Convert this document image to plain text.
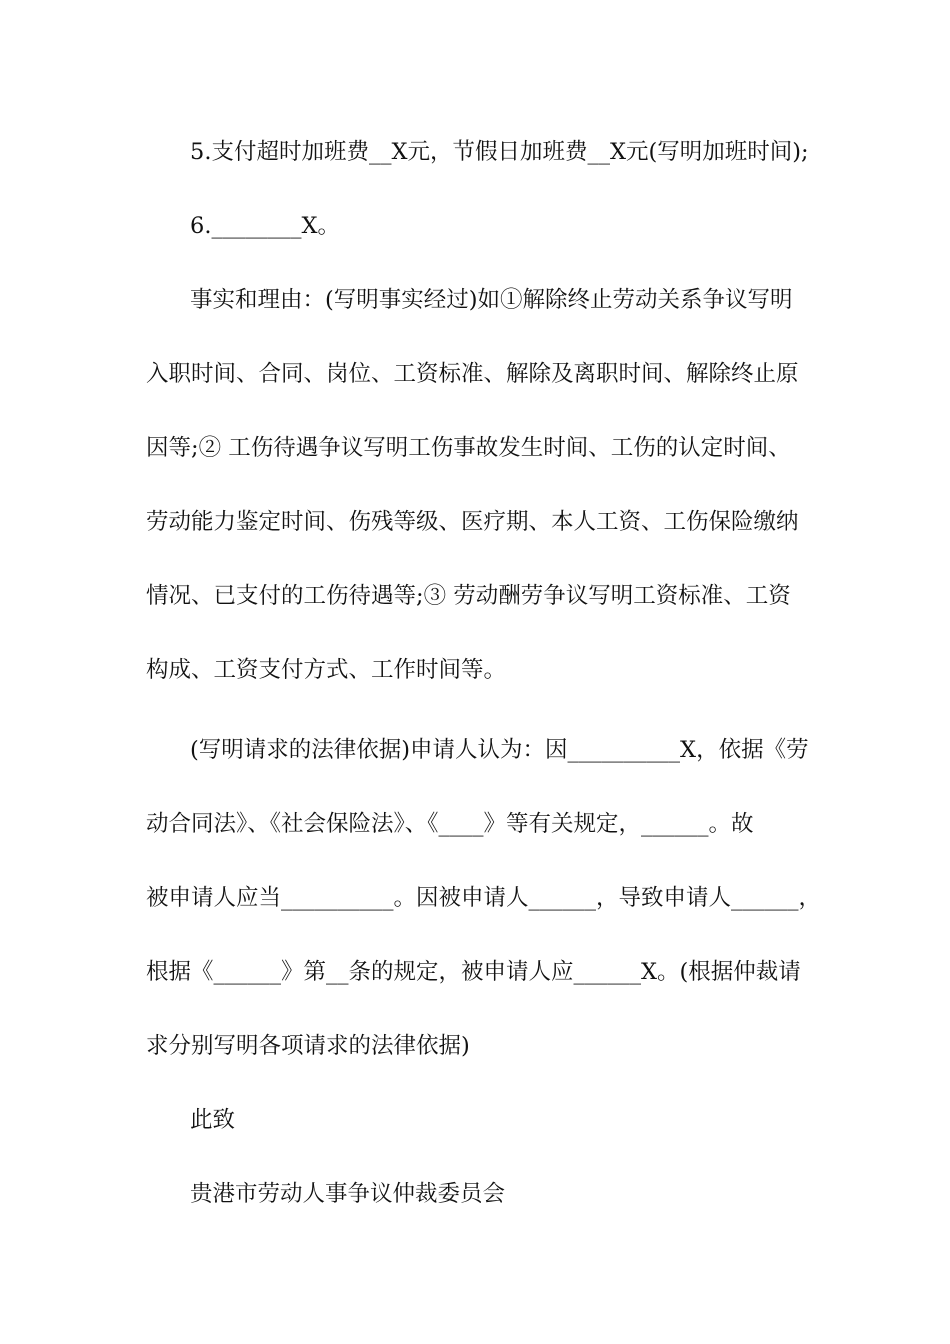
5.支付超时加班费__X元，节假日加班费__X元(写明加班时间);
6.________X。
事实和理由：(写明事实经过)如①解除终止劳动关系争议写明
入职时间、合同、岗位、工资标准、解除及离职时间、解除终止原
因等;② 工伤待遇争议写明工伤事故发生时间、工伤的认定时间、
劳动能力鉴定时间、伤残等级、医疗期、本人工资、工伤保险缴纳
情况、已支付的工伤待遇等;③ 劳动酬劳争议写明工资标准、工资
构成、工资支付方式、工作时间等。
(写明请求的法律依据)申请人认为：因__________X，依据《劳
动合同法》、《社会保险法》、《____》等有关规定，______。故
被申请人应当__________。因被申请人______，导致申请人______，
根据《______》第__条的规定，被申请人应______X。(根据仲裁请
求分别写明各项请求的法律依据)
此致
贵港市劳动人事争议仲裁委员会
